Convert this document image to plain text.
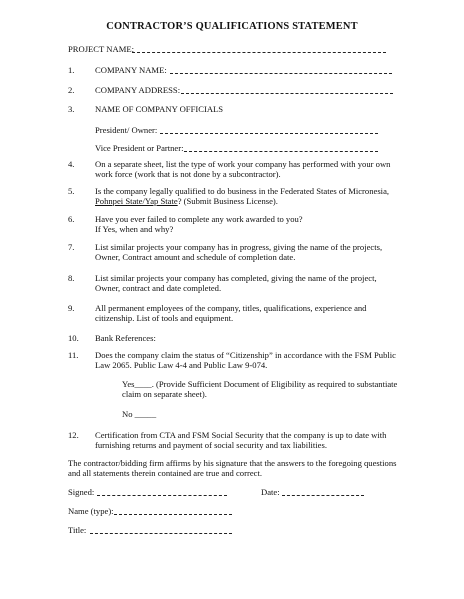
CONTRACTOR’S QUALIFICATIONS STATEMENT
PROJECT NAME:
1. COMPANY NAME:
2. COMPANY ADDRESS:
3. NAME OF COMPANY OFFICIALS
President/ Owner:
Vice President or Partner:
4. On a separate sheet, list the type of work your company has performed with your own work force (work that is not done by a subcontractor).
5. Is the company legally qualified to do business in the Federated States of Micronesia, Pohnpei State/Yap State? (Submit Business License).
6. Have you ever failed to complete any work awarded to you?
If Yes, when and why?
7. List similar projects your company has in progress, giving the name of the projects, Owner, Contract amount and schedule of completion date.
8. List similar projects your company has completed, giving the name of the project, Owner, contract and date completed.
9. All permanent employees of the company, titles, qualifications, experience and citizenship. List of tools and equipment.
10. Bank References:
11. Does the company claim the status of “Citizenship” in accordance with the FSM Public Law 2065. Public Law 4-4 and Public Law 9-074.
Yes____. (Provide Sufficient Document of Eligibility as required to substantiate claim on separate sheet).
No _____
12. Certification from CTA and FSM Social Security that the company is up to date with furnishing returns and payment of social security and tax liabilities.
The contractor/bidding firm affirms by his signature that the answers to the foregoing questions and all statements therein contained are true and correct.
Signed:	Date:
Name (type):
Title:
